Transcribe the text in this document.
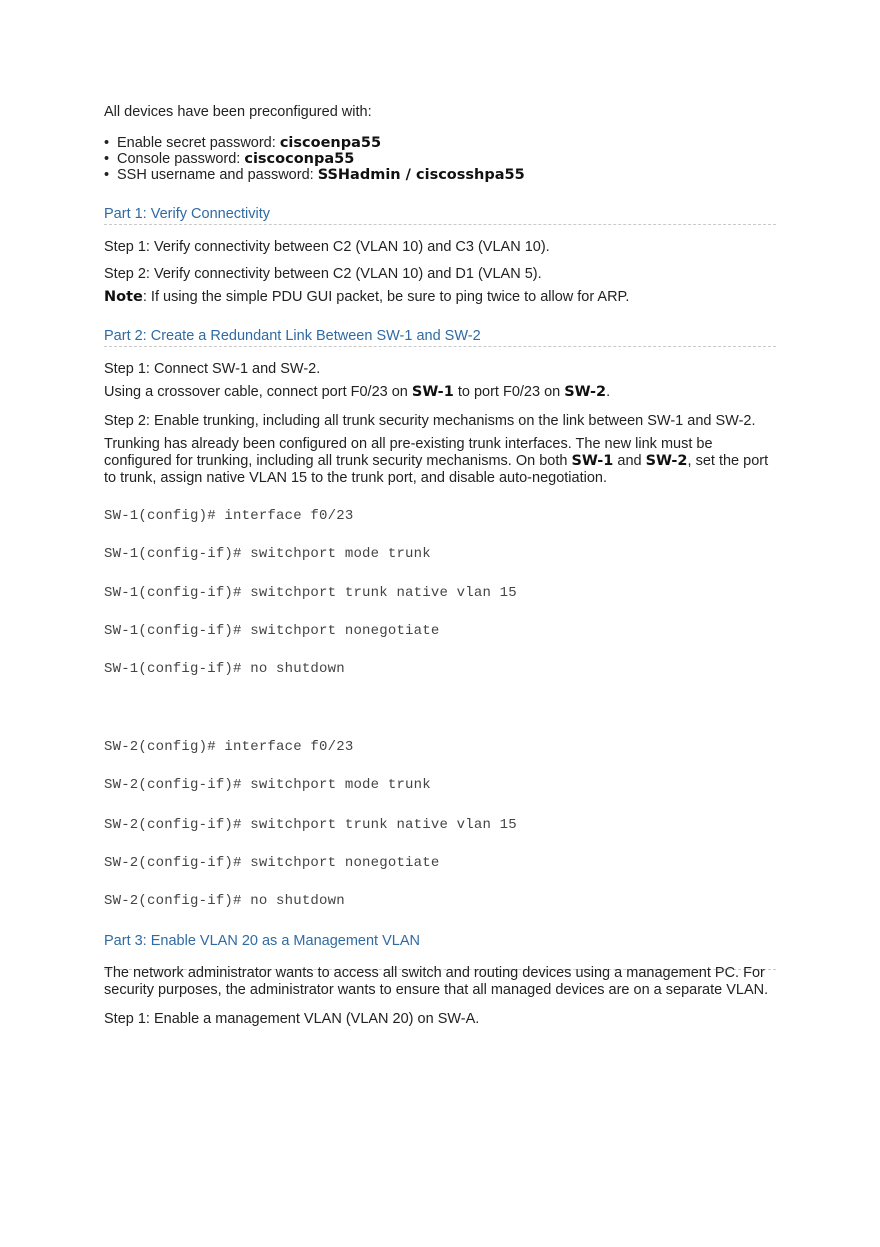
All devices have been preconfigured with:
• Enable secret password: ciscoenpa55
• Console password: ciscoconpa55
• SSH username and password: SSHadmin / ciscosshpa55
Part 1: Verify Connectivity
Step 1: Verify connectivity between C2 (VLAN 10) and C3 (VLAN 10).
Step 2: Verify connectivity between C2 (VLAN 10) and D1 (VLAN 5).
Note: If using the simple PDU GUI packet, be sure to ping twice to allow for ARP.
Part 2: Create a Redundant Link Between SW-1 and SW-2
Step 1: Connect SW-1 and SW-2.
Using a crossover cable, connect port F0/23 on SW-1 to port F0/23 on SW-2.
Step 2: Enable trunking, including all trunk security mechanisms on the link between SW-1 and SW-2.
Trunking has already been configured on all pre-existing trunk interfaces. The new link must be configured for trunking, including all trunk security mechanisms. On both SW-1 and SW-2, set the port to trunk, assign native VLAN 15 to the trunk port, and disable auto-negotiation.
SW-1(config)# interface f0/23
SW-1(config-if)# switchport mode trunk
SW-1(config-if)# switchport trunk native vlan 15
SW-1(config-if)# switchport nonegotiate
SW-1(config-if)# no shutdown
SW-2(config)# interface f0/23
SW-2(config-if)# switchport mode trunk
SW-2(config-if)# switchport trunk native vlan 15
SW-2(config-if)# switchport nonegotiate
SW-2(config-if)# no shutdown
Part 3: Enable VLAN 20 as a Management VLAN
The network administrator wants to access all switch and routing devices using a management PC. For security purposes, the administrator wants to ensure that all managed devices are on a separate VLAN.
Step 1: Enable a management VLAN (VLAN 20) on SW-A.
